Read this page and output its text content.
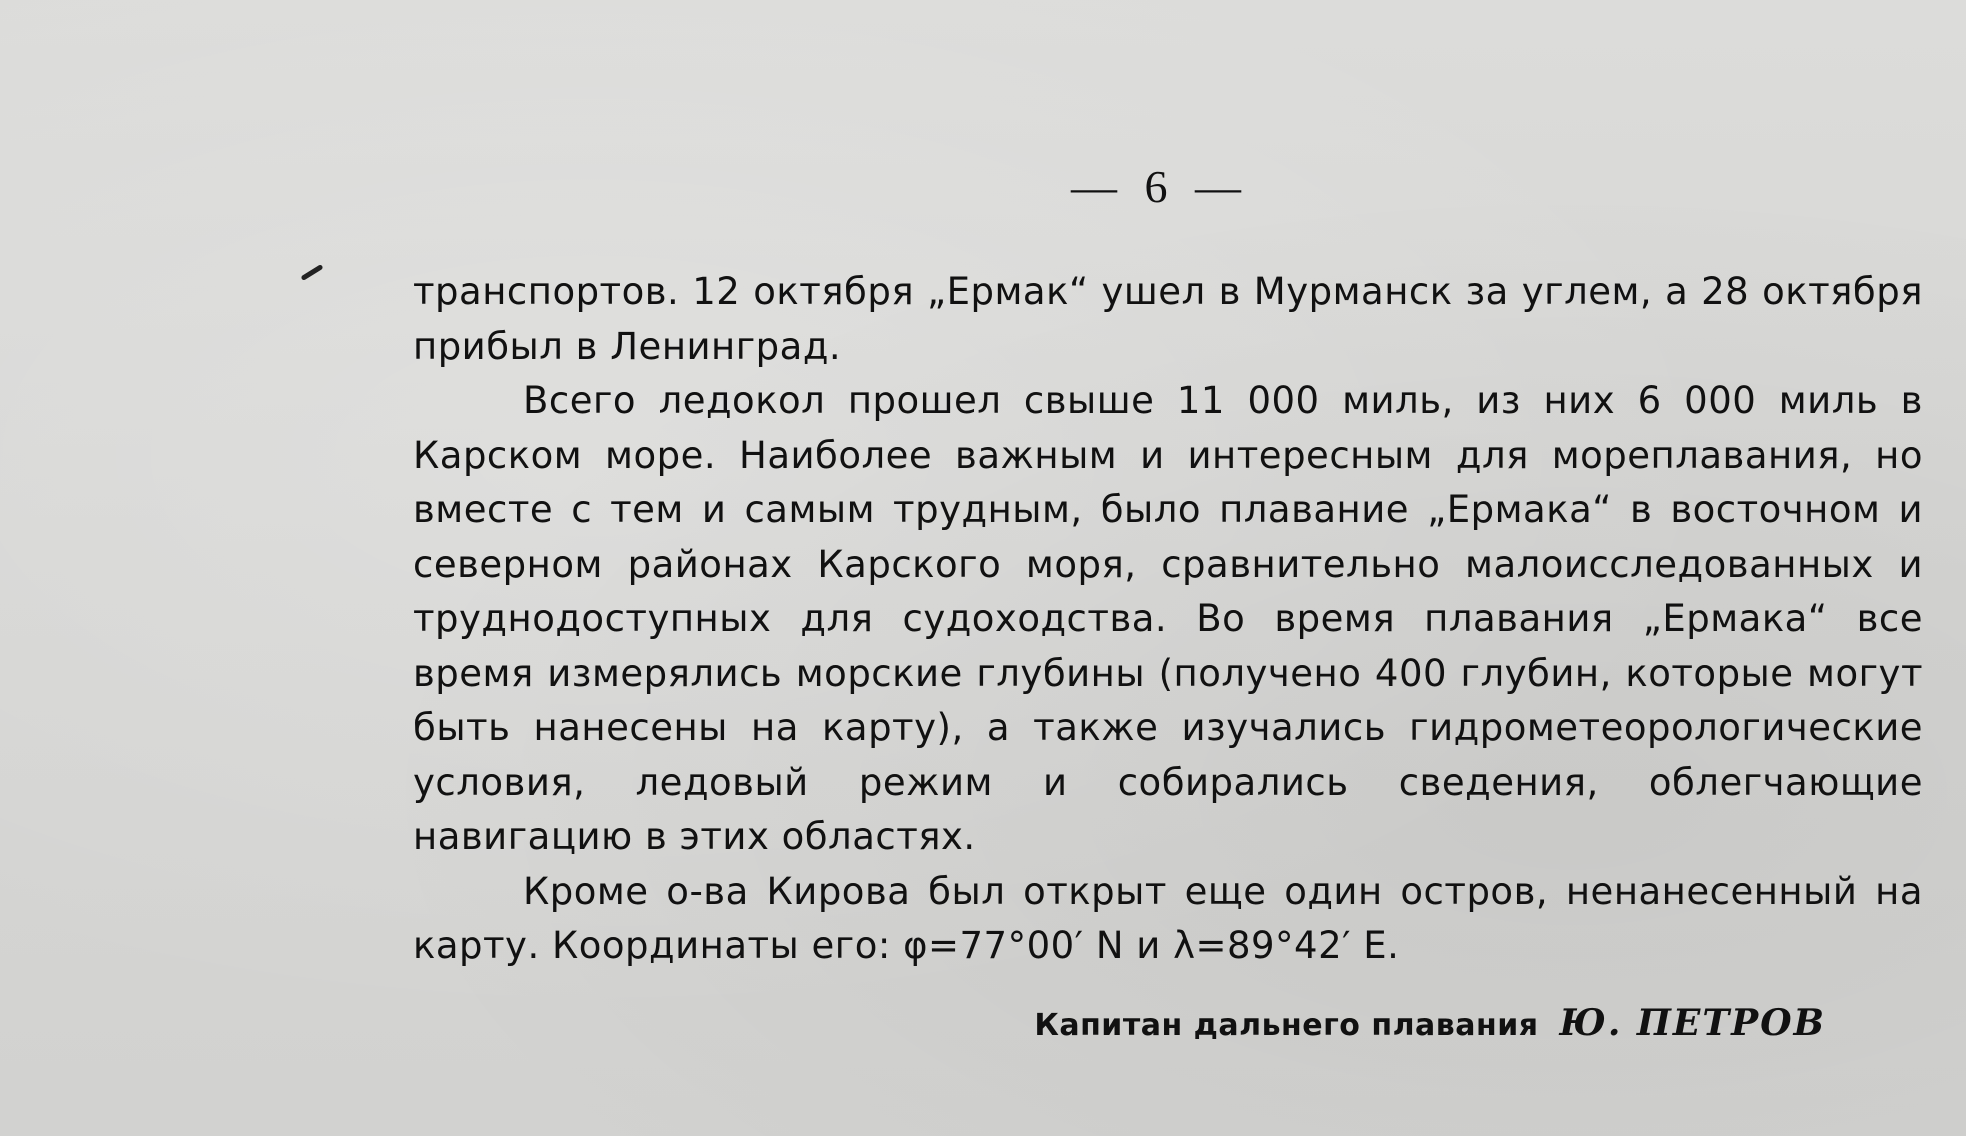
— 6 —

транспортов. 12 октября „Ермак“ ушел в Мурманск за углем, а 28 октября прибыл в Ленинград.

Всего ледокол прошел свыше 11 000 миль, из них 6 000 миль в Карском море. Наиболее важным и интересным для мореплавания, но вместе с тем и самым трудным, было плавание „Ермака“ в восточном и северном районах Карского моря, сравнительно малоисследованных и труднодоступных для судоходства. Во время плавания „Ермака“ все время измерялись морские глубины (получено 400 глубин, которые могут быть нанесены на карту), а также изучались гидрометеорологические условия, ледовый режим и собирались сведения, облегчающие навигацию в этих областях.

Кроме о-ва Кирова был открыт еще один остров, ненанесенный на карту. Координаты его: φ=77°00′ N и λ=89°42′ E.

Капитан дальнего плавания Ю. ПЕТРОВ
